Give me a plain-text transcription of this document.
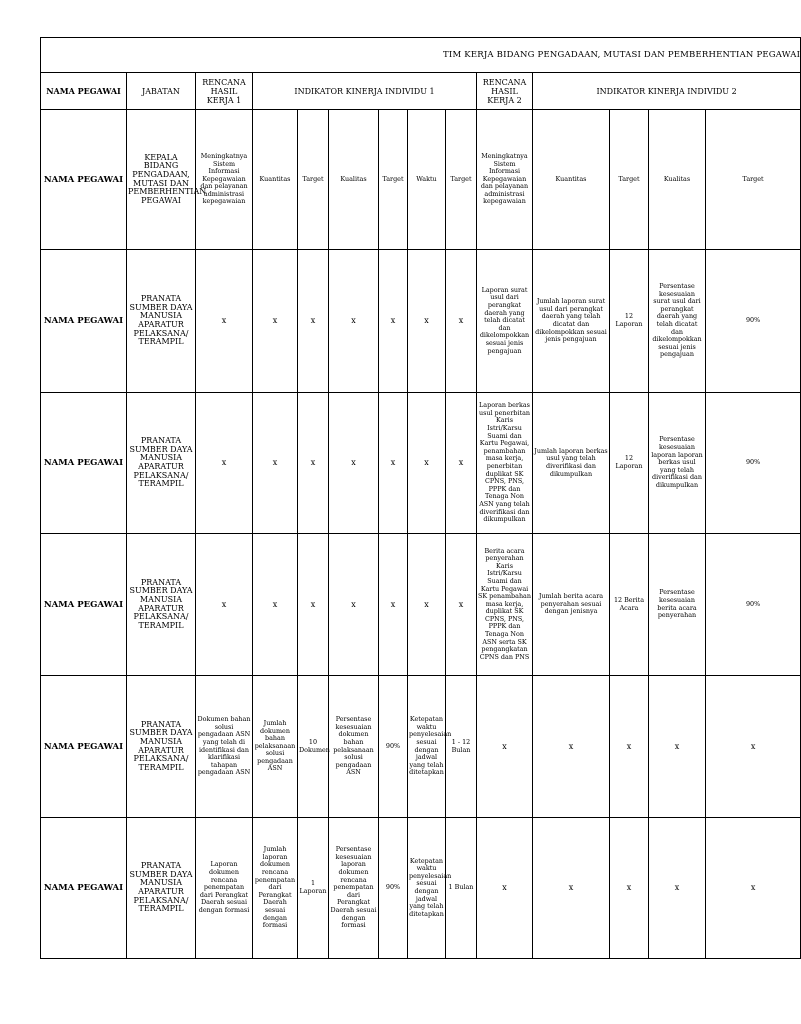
TIM KERJA BIDANG PENGADAAN, MUTASI DAN PEMBERHENTIAN PEGAWAI													
NAMA PEGAWAI	JABATAN	RENCANA HASIL KERJA 1	INDIKATOR KINERJA INDIVIDU 1						RENCANA HASIL KERJA 2	INDIKATOR KINERJA INDIVIDU 2			
NAMA PEGAWAI	KEPALA BIDANG PENGADAAN, MUTASI DAN PEMBERHENTIAN PEGAWAI	Meningkatnya Sistem Informasi Kepegawaian dan pelayanan administrasi kepegawaian	Kuantitas	Target	Kualitas	Target	Waktu	Target	Meningkatnya Sistem Informasi Kepegawaian dan pelayanan administrasi kepegawaian	Kuantitas	Target	Kualitas	Target
NAMA PEGAWAI	PRANATA SUMBER DAYA MANUSIA APARATUR PELAKSANA/ TERAMPIL	x	x	x	x	x	x	x	Laporan surat usul dari perangkat daerah yang telah dicatat dan dikelompokkan sesuai jenis pengajuan	Jumlah laporan surat usul dari perangkat daerah yang telah dicatat dan dikelompokkan sesuai jenis pengajuan	12 Laporan	Persentase kesesuaian surat usul dari perangkat daerah yang telah dicatat dan dikelompokkan sesuai jenis pengajuan	90%
NAMA PEGAWAI	PRANATA SUMBER DAYA MANUSIA APARATUR PELAKSANA/ TERAMPIL	x	x	x	x	x	x	x	Laporan berkas usul penerbitan Karis Istri/Karsu Suami dan Kartu Pegawai, penambahan masa kerja, penerbitan duplikat SK CPNS, PNS, PPPK dan Tenaga Non ASN yang telah diverifikasi dan dikumpulkan	Jumlah laporan berkas usul yang telah diverifikasi dan dikumpulkan	12 Laporan	Persentase kesesuaian laporan laporan berkas usul yang telah diverifikasi dan dikumpulkan	90%
NAMA PEGAWAI	PRANATA SUMBER DAYA MANUSIA APARATUR PELAKSANA/ TERAMPIL	x	x	x	x	x	x	x	Berita acara penyerahan Karis Istri/Karsu Suami dan Kartu Pegawai SK penambahan masa kerja, duplikat SK CPNS, PNS, PPPK dan Tenaga Non ASN serta SK pengangkatan CPNS dan PNS	Jumlah berita acara penyerahan sesuai dengan jenisnya	12 Berita Acara	Persentase kesesuaian berita acara penyerahan	90%
NAMA PEGAWAI	PRANATA SUMBER DAYA MANUSIA APARATUR PELAKSANA/ TERAMPIL	Dokumen bahan solusi pengadaan ASN yang telah di identifikasi dan klarifikasi tahapan pengadaan ASN	Jumlah dokumen bahan pelaksanaan solusi pengadaan ASN	10 Dokumen	Persentase kesesuaian dokumen bahan pelaksanaan solusi pengadaan ASN	90%	Ketepatan waktu penyelesaian sesuai dengan jadwal yang telah ditetapkan	1 - 12 Bulan	x	x	x	x	x
NAMA PEGAWAI	PRANATA SUMBER DAYA MANUSIA APARATUR PELAKSANA/ TERAMPIL	Laporan dokumen rencana penempatan dari Perangkat Daerah sesuai dengan formasi	Jumlah laporan dokumen rencana penempatan dari Perangkat Daerah sesuai dengan formasi	1 Laporan	Persentase kesesuaian laporan dokumen rencana penempatan dari Perangkat Daerah sesuai dengan formasi	90%	Ketepatan waktu penyelesaian sesuai dengan jadwal yang telah ditetapkan	1 Bulan	x	x	x	x	x
